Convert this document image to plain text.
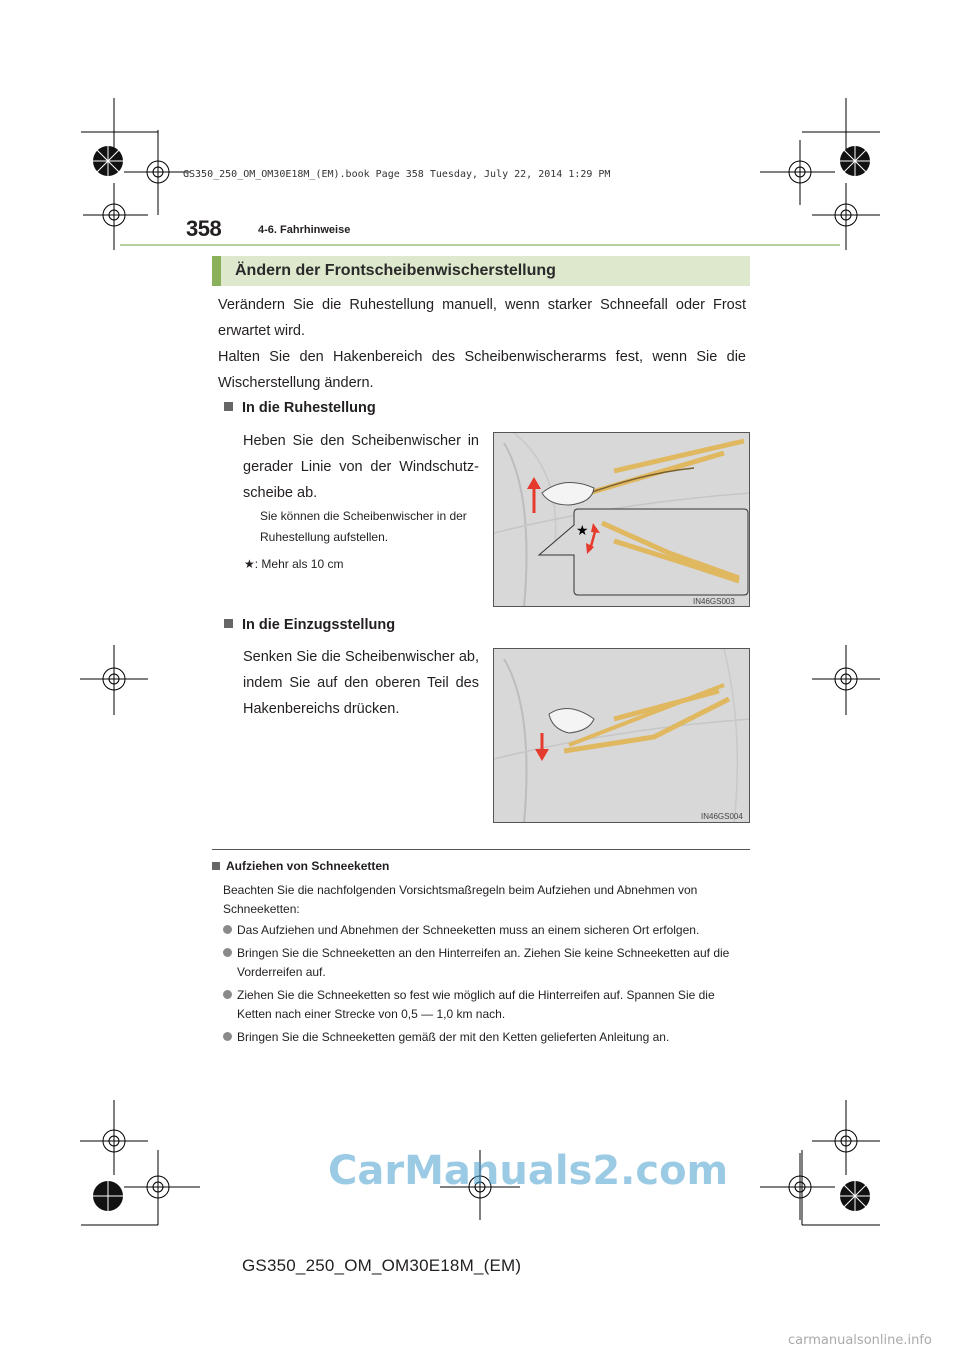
GS350_250_OM_OM30E18M_(EM).book Page 358 Tuesday, July 22, 2014 1:29 PM
358	4-6. Fahrhinweise
Ändern der Frontscheibenwischerstellung
Verändern Sie die Ruhestellung manuell, wenn starker Schneefall oder Frost erwartet wird.
Halten Sie den Hakenbereich des Scheibenwischerarms fest, wenn Sie die Wischerstellung ändern.
In die Ruhestellung
Heben Sie den Scheibenwischer in gerader Linie von der Windschutzscheibe ab.
Sie können die Scheibenwischer in der Ruhestellung aufstellen.
★: Mehr als 10 cm
★
IN46GS003
In die Einzugsstellung
Senken Sie die Scheibenwischer ab, indem Sie auf den oberen Teil des Hakenbereichs drücken.
IN46GS004
Aufziehen von Schneeketten
Beachten Sie die nachfolgenden Vorsichtsmaßregeln beim Aufziehen und Abnehmen von Schneeketten:
Das Aufziehen und Abnehmen der Schneeketten muss an einem sicheren Ort erfolgen.
Bringen Sie die Schneeketten an den Hinterreifen an. Ziehen Sie keine Schneeketten auf die Vorderreifen auf.
Ziehen Sie die Schneeketten so fest wie möglich auf die Hinterreifen auf. Spannen Sie die Ketten nach einer Strecke von 0,5 — 1,0 km nach.
Bringen Sie die Schneeketten gemäß der mit den Ketten gelieferten Anleitung an.
CarManuals2.com
GS350_250_OM_OM30E18M_(EM)
carmanualsonline.info
